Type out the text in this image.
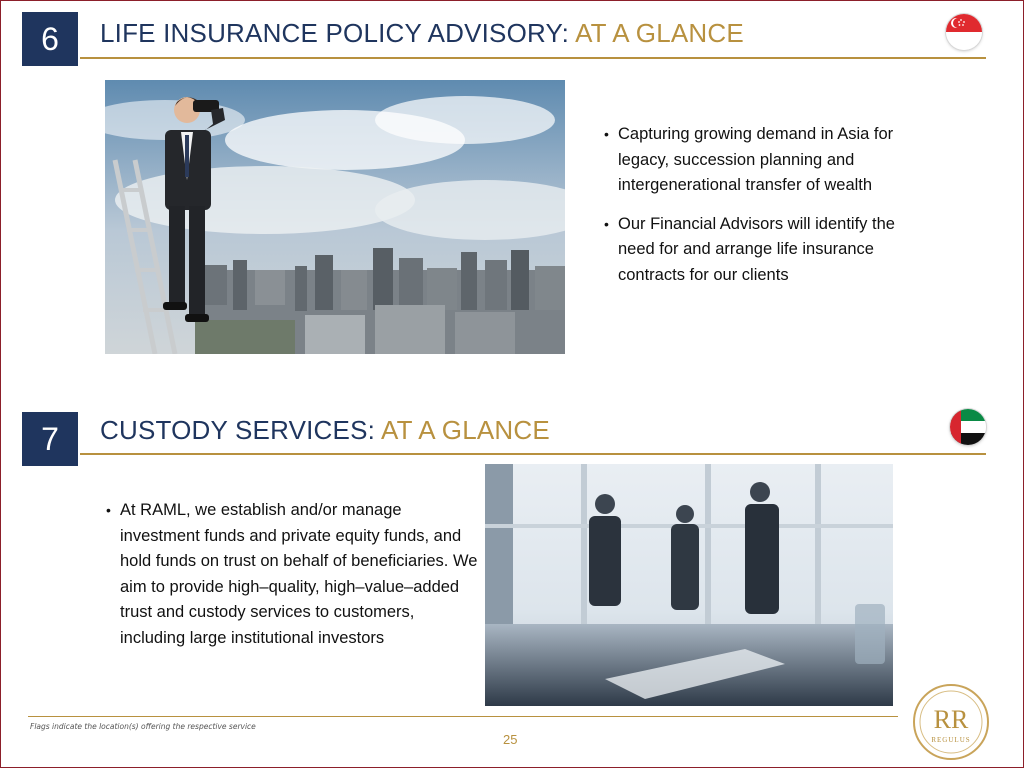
6 LIFE INSURANCE POLICY ADVISORY: AT A GLANCE
• Capturing growing demand in Asia for legacy, succession planning and intergenerational transfer of wealth
• Our Financial Advisors will identify the need for and arrange life insurance contracts for our clients
7 CUSTODY SERVICES: AT A GLANCE
• At RAML, we establish and/or manage investment funds and private equity funds, and hold funds on trust on behalf of beneficiaries. We aim to provide high–quality, high–value–added trust and custody services to customers, including large institutional investors
Flags indicate the location(s) offering the respective service
25
RR
REGULUS
